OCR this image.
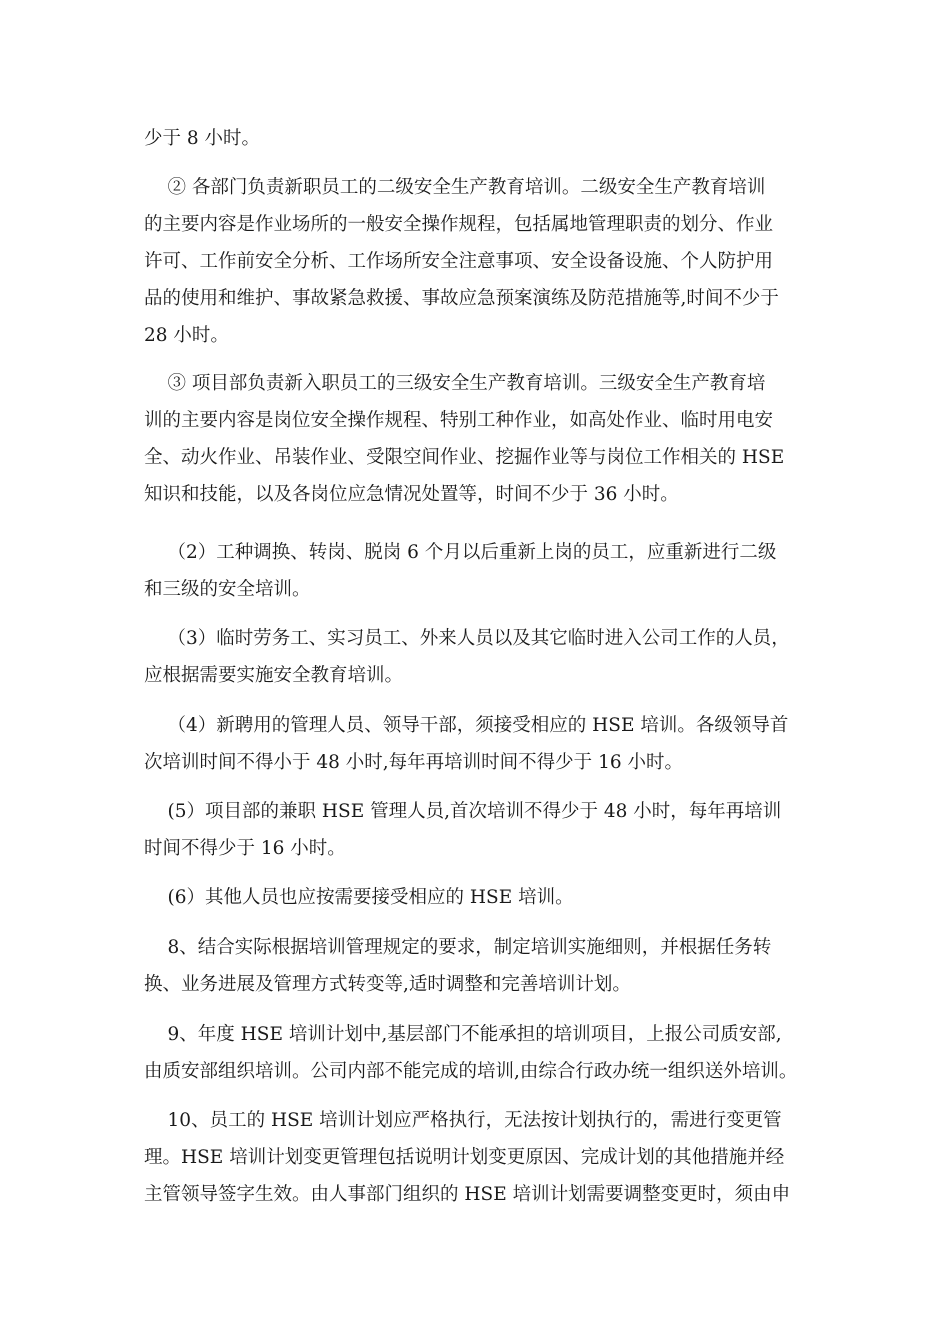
少于 8 小时。
② 各部门负责新职员工的二级安全生产教育培训。二级安全生产教育培训
的主要内容是作业场所的一般安全操作规程，包括属地管理职责的划分、作业
许可、工作前安全分析、工作场所安全注意事项、安全设备设施、个人防护用
品的使用和维护、事故紧急救援、事故应急预案演练及防范措施等,时间不少于
28 小时。
③ 项目部负责新入职员工的三级安全生产教育培训。三级安全生产教育培
训的主要内容是岗位安全操作规程、特别工种作业，如高处作业、临时用电安
全、动火作业、吊装作业、受限空间作业、挖掘作业等与岗位工作相关的 HSE
知识和技能，以及各岗位应急情况处置等，时间不少于 36 小时。
（2）工种调换、转岗、脱岗 6 个月以后重新上岗的员工，应重新进行二级
和三级的安全培训。
（3）临时劳务工、实习员工、外来人员以及其它临时进入公司工作的人员，
应根据需要实施安全教育培训。
（4）新聘用的管理人员、领导干部，须接受相应的 HSE 培训。各级领导首
次培训时间不得小于 48 小时,每年再培训时间不得少于 16 小时。
(5）项目部的兼职 HSE 管理人员,首次培训不得少于 48 小时，每年再培训
时间不得少于 16 小时。
(6）其他人员也应按需要接受相应的 HSE 培训。
8、结合实际根据培训管理规定的要求，制定培训实施细则，并根据任务转
换、业务进展及管理方式转变等,适时调整和完善培训计划。
9、年度 HSE 培训计划中,基层部门不能承担的培训项目，上报公司质安部,
由质安部组织培训。公司内部不能完成的培训,由综合行政办统一组织送外培训。
10、员工的 HSE 培训计划应严格执行，无法按计划执行的，需进行变更管
理。HSE 培训计划变更管理包括说明计划变更原因、完成计划的其他措施并经
主管领导签字生效。由人事部门组织的 HSE 培训计划需要调整变更时，须由申
